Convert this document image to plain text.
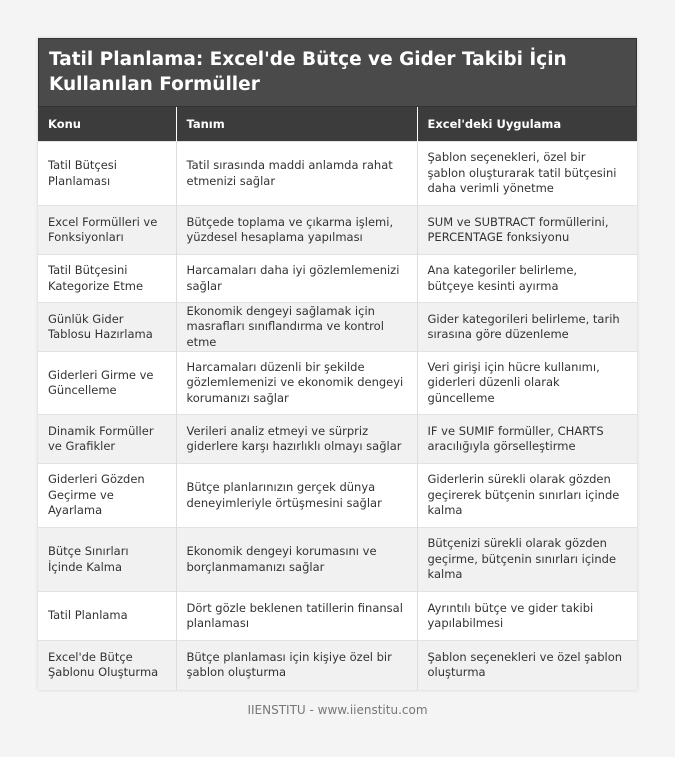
Tatil Planlama: Excel'de Bütçe ve Gider Takibi İçin Kullanılan Formüller
Konu	Tanım	Excel'deki Uygulama
Tatil Bütçesi Planlaması	Tatil sırasında maddi anlamda rahat etmenizi sağlar	Şablon seçenekleri, özel bir şablon oluşturarak tatil bütçesini daha verimli yönetme
Excel Formülleri ve Fonksiyonları	Bütçede toplama ve çıkarma işlemi, yüzdesel hesaplama yapılması	SUM ve SUBTRACT formüllerini, PERCENTAGE fonksiyonu
Tatil Bütçesini Kategorize Etme	Harcamaları daha iyi gözlemlemenizi sağlar	Ana kategoriler belirleme, bütçeye kesinti ayırma
Günlük Gider Tablosu Hazırlama	Ekonomik dengeyi sağlamak için masrafları sınıflandırma ve kontrol etme	Gider kategorileri belirleme, tarih sırasına göre düzenleme
Giderleri Girme ve Güncelleme	Harcamaları düzenli bir şekilde gözlemlemenizi ve ekonomik dengeyi korumanızı sağlar	Veri girişi için hücre kullanımı, giderleri düzenli olarak güncelleme
Dinamik Formüller ve Grafikler	Verileri analiz etmeyi ve sürpriz giderlere karşı hazırlıklı olmayı sağlar	IF ve SUMIF formüller, CHARTS aracılığıyla görselleştirme
Giderleri Gözden Geçirme ve Ayarlama	Bütçe planlarınızın gerçek dünya deneyimleriyle örtüşmesini sağlar	Giderlerin sürekli olarak gözden geçirerek bütçenin sınırları içinde kalma
Bütçe Sınırları İçinde Kalma	Ekonomik dengeyi korumasını ve borçlanmamanızı sağlar	Bütçenizi sürekli olarak gözden geçirme, bütçenin sınırları içinde kalma
Tatil Planlama	Dört gözle beklenen tatillerin finansal planlaması	Ayrıntılı bütçe ve gider takibi yapılabilmesi
Excel'de Bütçe Şablonu Oluşturma	Bütçe planlaması için kişiye özel bir şablon oluşturma	Şablon seçenekleri ve özel şablon oluşturma
IIENSTITU - www.iienstitu.com
